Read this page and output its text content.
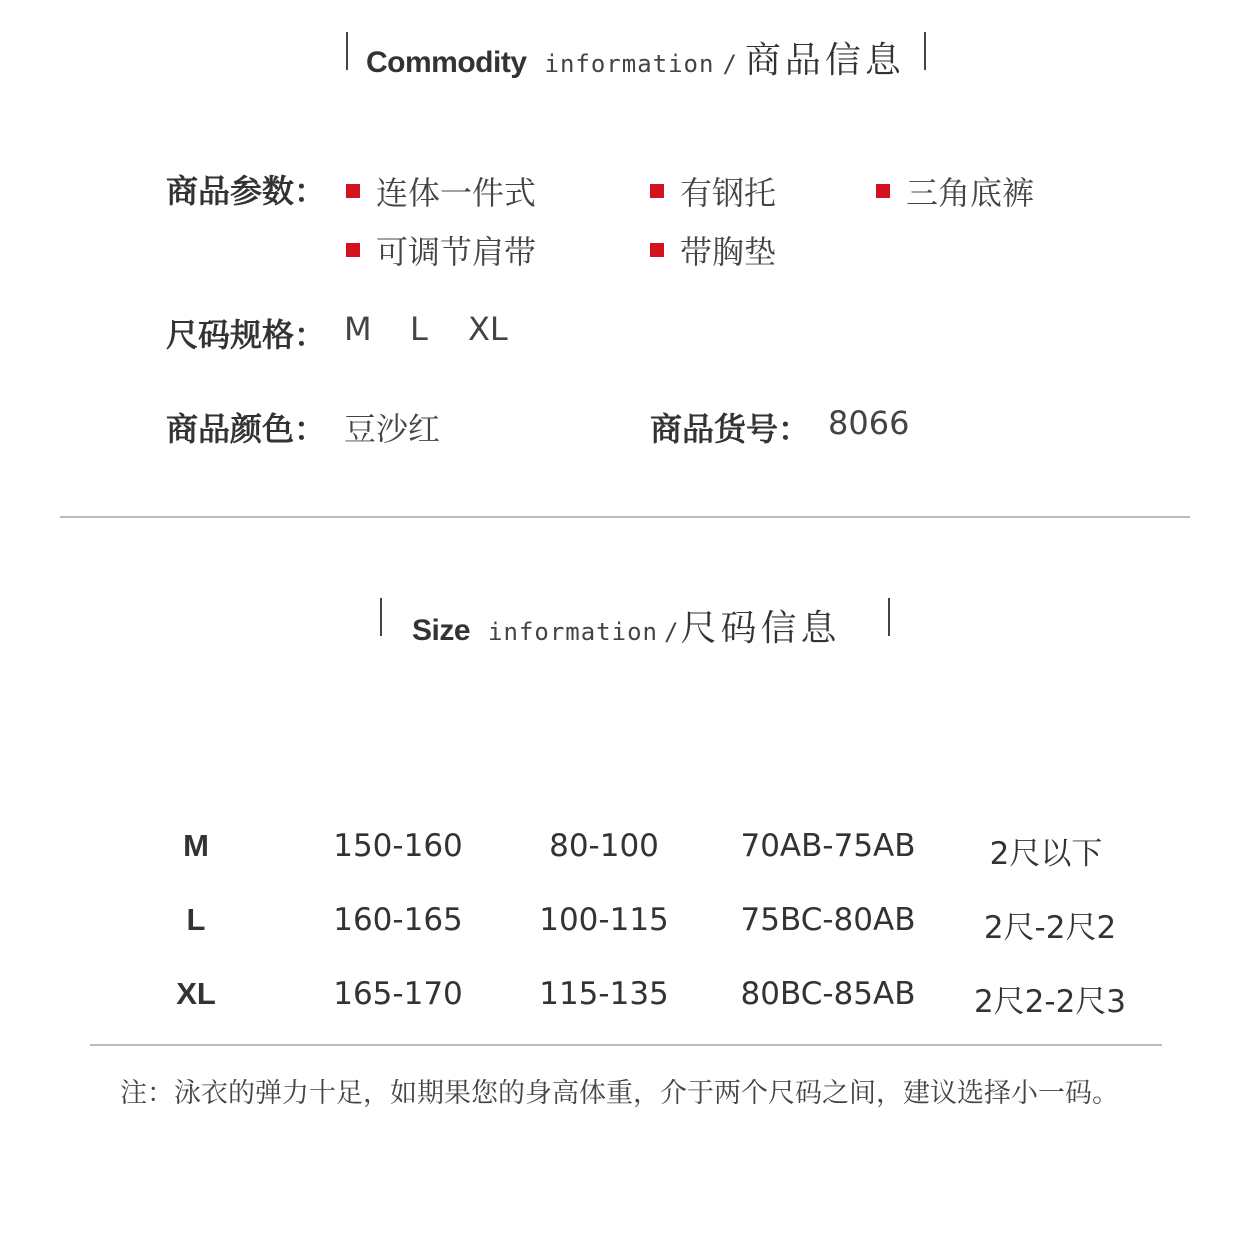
Commodity information / 商品信息
商品参数： 连体一件式	有钢托	三角底裤
可调节肩带	带胸垫
尺码规格： M L XL
商品颜色： 豆沙红	商品货号： 8066
Size information / 尺码信息
M	150-160	80-100	70AB-75AB 2尺以下
L	160-165 100-115 75BC-80AB 2尺-2尺2
XL	165-170 115-135 80BC-85AB 2尺2-2尺3
注：泳衣的弹力十足，如期果您的身高体重，介于两个尺码之间，建议选择小一码。
